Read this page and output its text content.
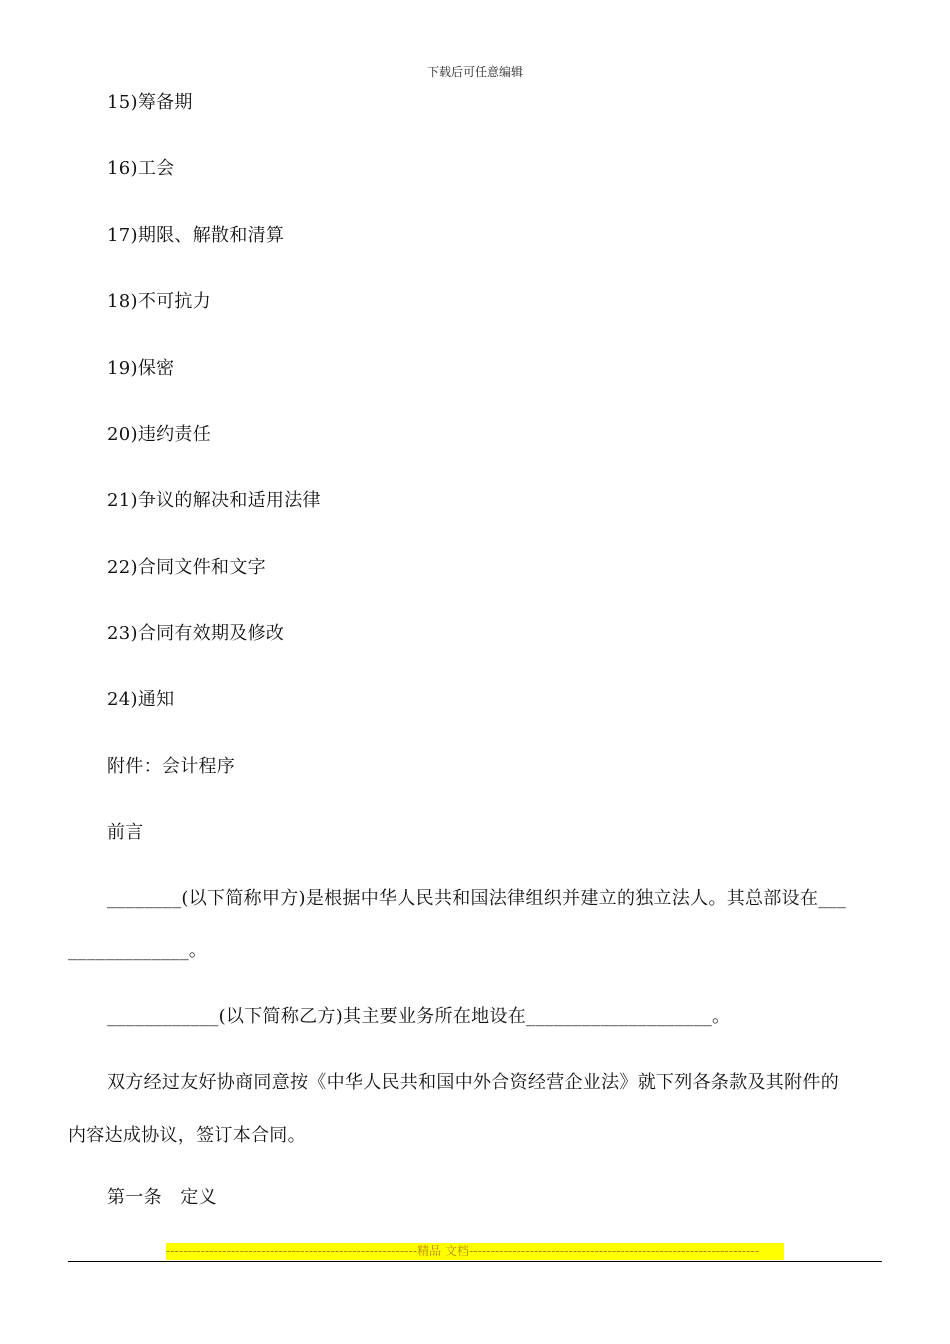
下载后可任意编辑
15)筹备期
16)工会
17)期限、解散和清算
18)不可抗力
19)保密
20)违约责任
21)争议的解决和适用法律
22)合同文件和文字
23)合同有效期及修改
24)通知
附件：会计程序
前言
________(以下简称甲方)是根据中华人民共和国法律组织并建立的独立法人。其总部设在___
_____________。
____________(以下简称乙方)其主要业务所在地设在____________________。
双方经过友好协商同意按《中华人民共和国中外合资经营企业法》就下列各条款及其附件的
内容达成协议，签订本合同。
第一条　定义
----------------------------------------------------------精品 文档-------------------------------------------------------------------
